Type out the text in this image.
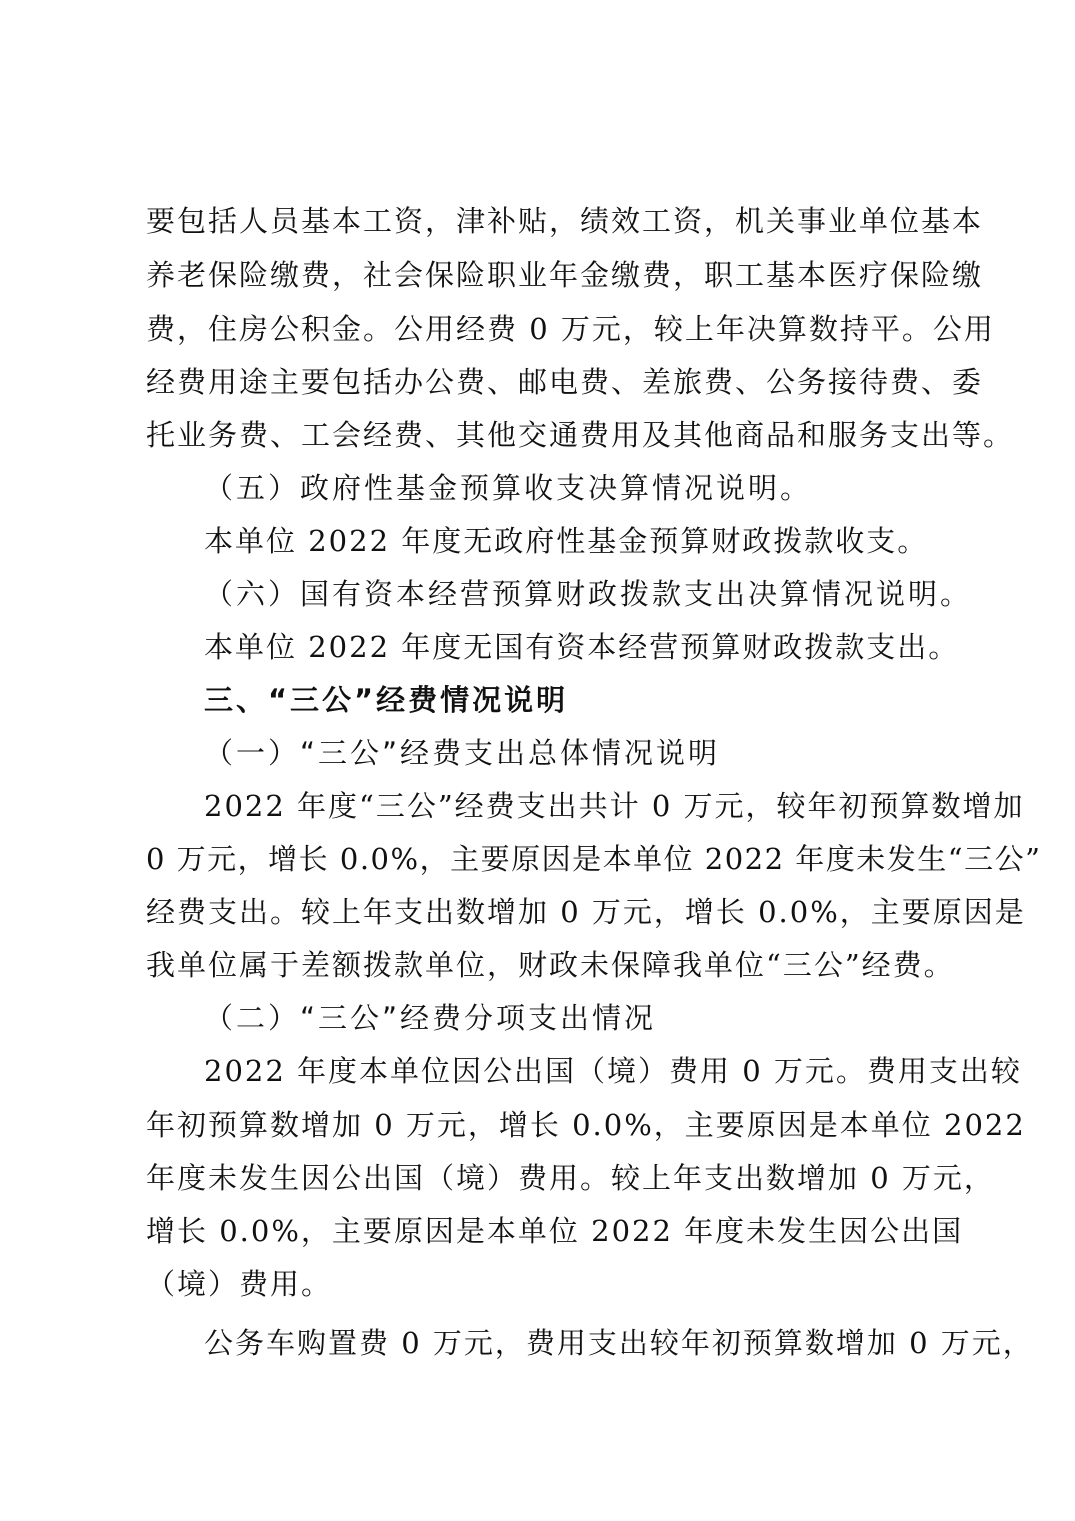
要包括人员基本工资，津补贴，绩效工资，机关事业单位基本

养老保险缴费，社会保险职业年金缴费，职工基本医疗保险缴

费，住房公积金。公用经费 0 万元，较上年决算数持平。公用

经费用途主要包括办公费、邮电费、差旅费、公务接待费、委

托业务费、工会经费、其他交通费用及其他商品和服务支出等。

（五）政府性基金预算收支决算情况说明。

本单位 2022 年度无政府性基金预算财政拨款收支。

（六）国有资本经营预算财政拨款支出决算情况说明。

本单位 2022 年度无国有资本经营预算财政拨款支出。

三、“三公”经费情况说明

（一）“三公”经费支出总体情况说明

2022 年度“三公”经费支出共计 0 万元，较年初预算数增加

0 万元，增长 0.0%，主要原因是本单位 2022 年度未发生“三公”

经费支出。较上年支出数增加 0 万元，增长 0.0%，主要原因是

我单位属于差额拨款单位，财政未保障我单位“三公”经费。

（二）“三公”经费分项支出情况

2022 年度本单位因公出国（境）费用 0 万元。费用支出较

年初预算数增加 0 万元，增长 0.0%，主要原因是本单位 2022

年度未发生因公出国（境）费用。较上年支出数增加 0 万元，

增长 0.0%，主要原因是本单位 2022 年度未发生因公出国

（境）费用。

公务车购置费 0 万元，费用支出较年初预算数增加 0 万元，
